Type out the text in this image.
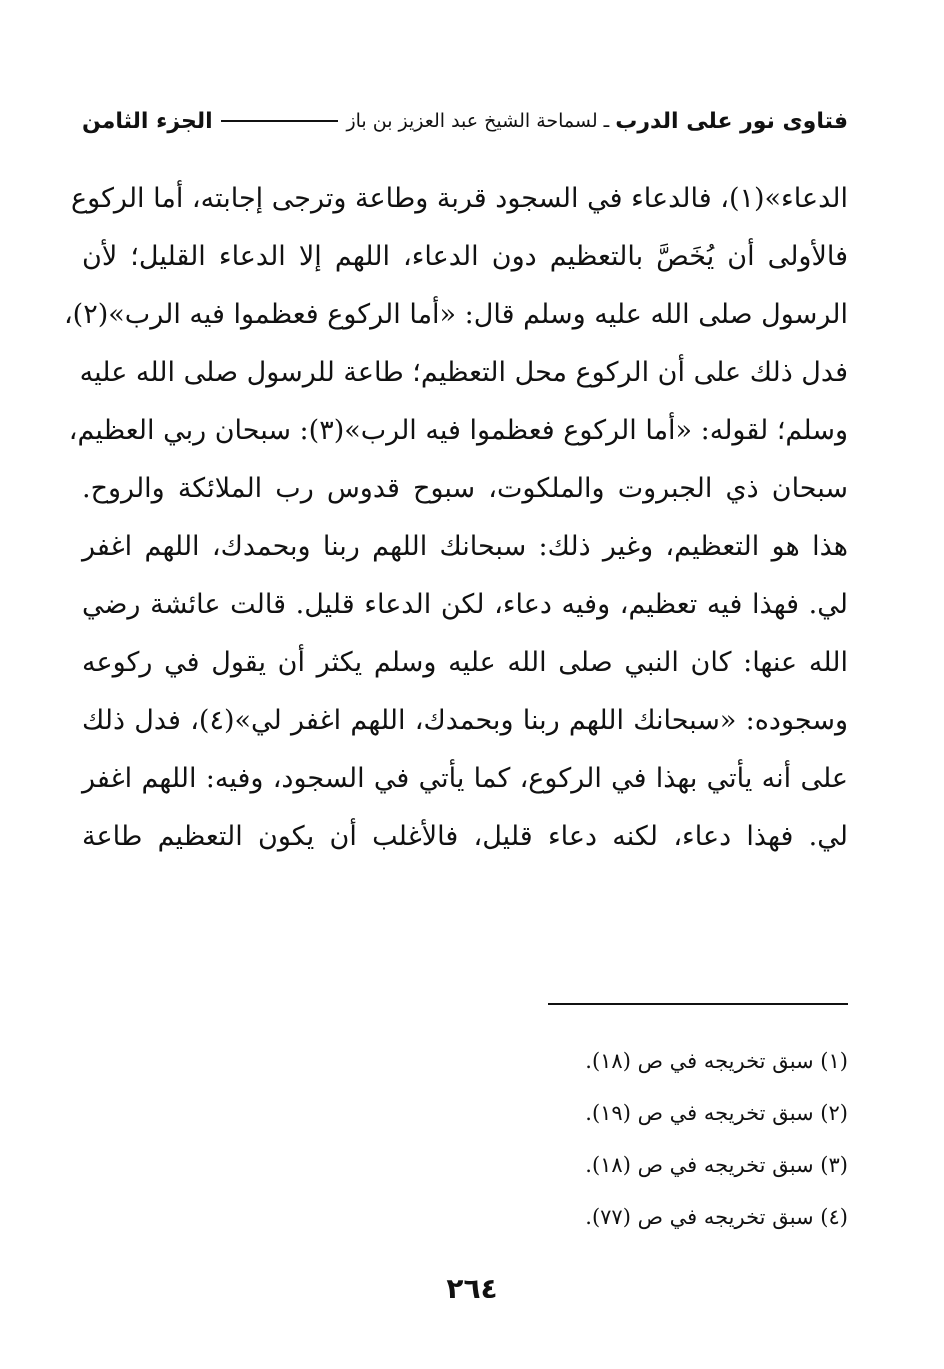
فتاوى نور على الدرب
ـ لسماحة الشيخ عبد العزيز بن باز
الجزء الثامن
الدعاء»(١)، فالدعاء في السجود قربة وطاعة وترجى إجابته، أما الركوع
فالأولى أن يُخَصَّ بالتعظيم دون الدعاء، اللهم إلا الدعاء القليل؛ لأن
الرسول صلى الله عليه وسلم قال: «أما الركوع فعظموا فيه الرب»(٢)،
فدل ذلك على أن الركوع محل التعظيم؛ طاعة للرسول صلى الله عليه
وسلم؛ لقوله: «أما الركوع فعظموا فيه الرب»(٣): سبحان ربي العظيم،
سبحان ذي الجبروت والملكوت، سبوح قدوس رب الملائكة والروح.
هذا هو التعظيم، وغير ذلك: سبحانك اللهم ربنا وبحمدك، اللهم اغفر
لي. فهذا فيه تعظيم، وفيه دعاء، لكن الدعاء قليل. قالت عائشة رضي
الله عنها: كان النبي صلى الله عليه وسلم يكثر أن يقول في ركوعه
وسجوده: «سبحانك اللهم ربنا وبحمدك، اللهم اغفر لي»(٤)، فدل ذلك
على أنه يأتي بهذا في الركوع، كما يأتي في السجود، وفيه: اللهم اغفر
لي. فهذا دعاء، لكنه دعاء قليل، فالأغلب أن يكون التعظيم طاعة
(١) سبق تخريجه في ص (١٨).
(٢) سبق تخريجه في ص (١٩).
(٣) سبق تخريجه في ص (١٨).
(٤) سبق تخريجه في ص (٧٧).
٢٦٤
